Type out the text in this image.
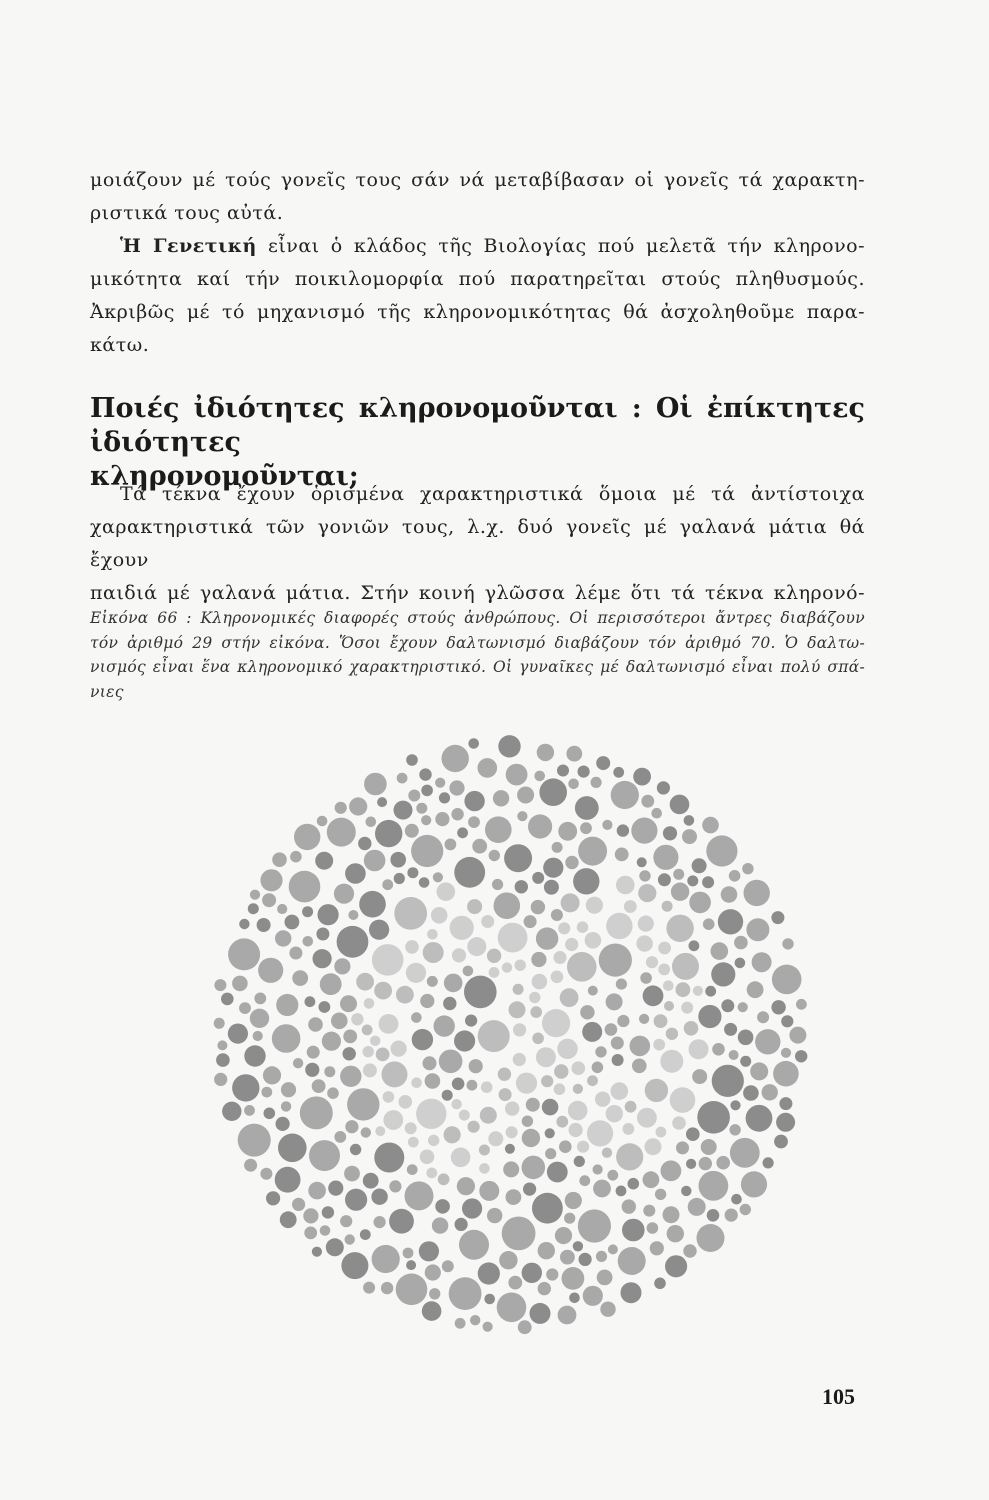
μοιάζουν μέ τούς γονεῖς τους σάν νά μεταβίβασαν οἱ γονεῖς τά χαρακτη-
ριστικά τους αὐτά.
Ἡ Γενετική εἶναι ὁ κλάδος τῆς Βιολογίας πού μελετᾶ τήν κληρονο-
μικότητα καί τήν ποικιλομορφία πού παρατηρεῖται στούς πληθυσμούς.
Ἀκριβῶς μέ τό μηχανισμό τῆς κληρονομικότητας θά ἀσχοληθοῦμε παρα-
κάτω.
Ποιές ἰδιότητες κληρονομοῦνται : Οἱ ἐπίκτητες ἰδιότητες
κληρονομοῦνται;
Τά τέκνα ἔχουν ὁρισμένα χαρακτηριστικά ὅμοια μέ τά ἀντίστοιχα
χαρακτηριστικά τῶν γονιῶν τους, λ.χ. δυό γονεῖς μέ γαλανά μάτια θά ἔχουν
παιδιά μέ γαλανά μάτια. Στήν κοινή γλῶσσα λέμε ὅτι τά τέκνα κληρονό-
Εἰκόνα 66 : Κληρονομικές διαφορές στούς ἀνθρώπους. Οἱ περισσότεροι ἄντρες διαβάζουν
τόν ἀριθμό 29 στήν εἰκόνα. Ὅσοι ἔχουν δαλτωνισμό διαβάζουν τόν ἀριθμό 70. Ὁ δαλτω-
νισμός εἶναι ἕνα κληρονομικό χαρακτηριστικό. Οἱ γυναῖκες μέ δαλτωνισμό εἶναι πολύ σπά-
νιες
105
